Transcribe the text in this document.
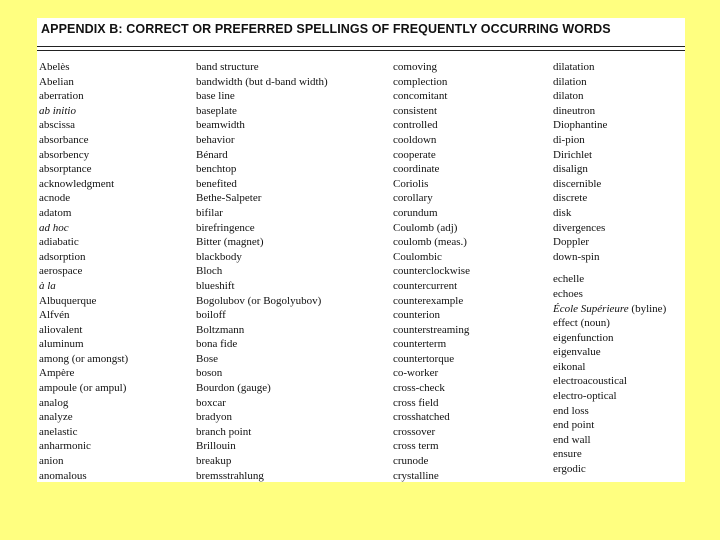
APPENDIX B: CORRECT OR PREFERRED SPELLINGS OF FREQUENTLY OCCURRING WORDS
Abelès
Abelian
aberration
ab initio
abscissa
absorbance
absorbency
absorptance
acknowledgment
acnode
adatom
ad hoc
adiabatic
adsorption
aerospace
à la
Albuquerque
Alfvén
aliovalent
aluminum
among (or amongst)
Ampère
ampoule (or ampul)
analog
analyze
anelastic
anharmonic
anion
anomalous
band structure
bandwidth (but d-band width)
base line
baseplate
beamwidth
behavior
Bénard
benchtop
benefited
Bethe-Salpeter
bifilar
birefringence
Bitter (magnet)
blackbody
Bloch
blueshift
Bogolubov (or Bogolyubov)
boiloff
Boltzmann
bona fide
Bose
boson
Bourdon (gauge)
boxcar
bradyon
branch point
Brillouin
breakup
bremsstrahlung
comoving
complection
concomitant
consistent
controlled
cooldown
cooperate
coordinate
Coriolis
corollary
corundum
Coulomb (adj)
coulomb (meas.)
Coulombic
counterclockwise
countercurrent
counterexample
counterion
counterstreaming
counterterm
countertorque
co-worker
cross-check
cross field
crosshatched
crossover
cross term
crunode
crystalline
dilatation
dilation
dilaton
dineutron
Diophantine
di-pion
Dirichlet
disalign
discernible
discrete
disk
divergences
Doppler
down-spin
echelle
echoes
École Supérieure (byline)
effect (noun)
eigenfunction
eigenvalue
eikonal
electroacoustical
electro-optical
end loss
end point
end wall
ensure
ergodic
